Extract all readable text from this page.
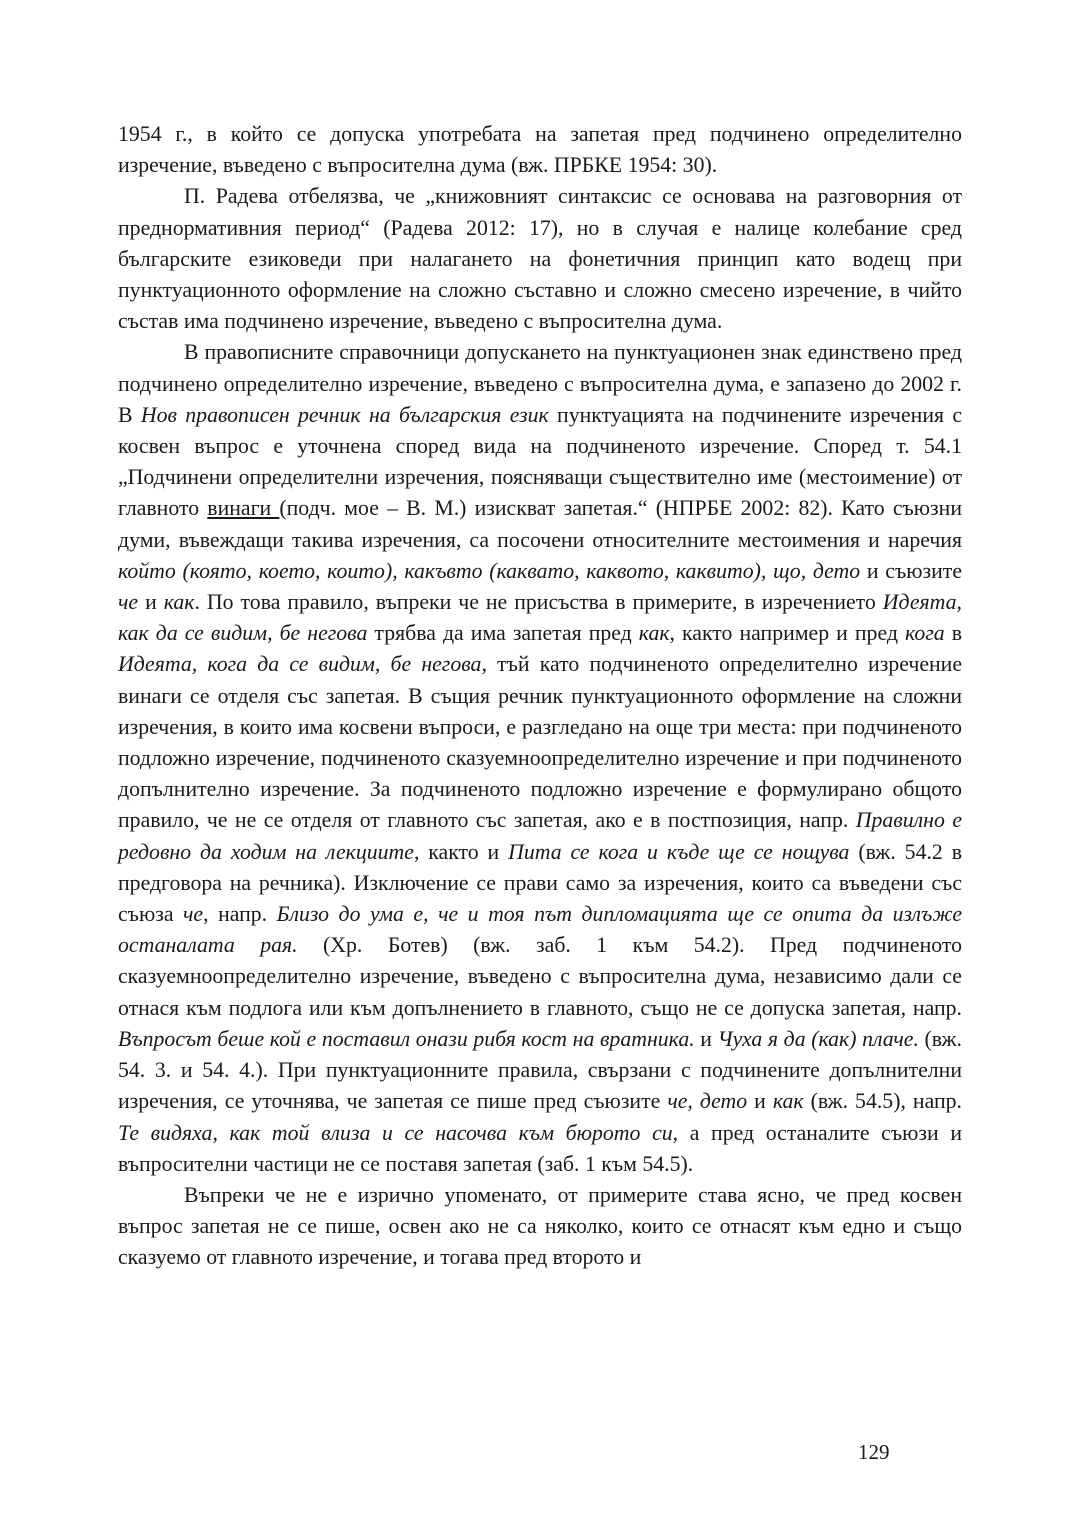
1954 г., в който се допуска употребата на запетая пред подчинено определително изречение, въведено с въпросителна дума (вж. ПРБКЕ 1954: 30).

П. Радева отбелязва, че „книжовният синтаксис се основава на разговорния от преднормативния период“ (Радева 2012: 17), но в случая е налице колебание сред българските езиковеди при налагането на фонетичния принцип като водещ при пунктуационното оформление на сложно съставно и сложно смесено изречение, в чийто състав има подчинено изречение, въведено с въпросителна дума.

В правописните справочници допускането на пунктуационен знак единствено пред подчинено определително изречение, въведено с въпросителна дума, е запазено до 2002 г. В Нов правописен речник на българския език пунктуацията на подчинените изречения с косвен въпрос е уточнена според вида на подчиненото изречение. Според т. 54.1 „Подчинени определителни изречения, поясняващи съществително име (местоимение) от главното винаги (подч. мое – В. М.) изискват запетая.“ (НПРБЕ 2002: 82). Като съюзни думи, въвеждащи такива изречения, са посочени относителните местоимения и наречия който (която, което, които), какъвто (каквато, каквото, каквито), що, дето и съюзите че и как. По това правило, въпреки че не присъства в примерите, в изречението Идеята, как да се видим, бе негова трябва да има запетая пред как, както например и пред кога в Идеята, кога да се видим, бе негова, тъй като подчиненото определително изречение винаги се отделя със запетая. В същия речник пунктуационното оформление на сложни изречения, в които има косвени въпроси, е разгледано на още три места: при подчиненото подложно изречение, подчиненото сказуемноопределително изречение и при подчиненото допълнително изречение. За подчиненото подложно изречение е формулирано общото правило, че не се отделя от главното със запетая, ако е в постпозиция, напр. Правилно е редовно да ходим на лекциите, както и Пита се кога и къде ще се нощува (вж. 54.2 в предговора на речника). Изключение се прави само за изречения, които са въведени със съюза че, напр. Близо до ума е, че и тоя път дипломацията ще се опита да излъже останалата рая. (Хр. Ботев) (вж. заб. 1 към 54.2). Пред подчиненото сказуемноопределително изречение, въведено с въпросителна дума, независимо дали се отнася към подлога или към допълнението в главното, също не се допуска запетая, напр. Въпросът беше кой е поставил онази рибя кост на вратника. и Чуха я да (как) плаче. (вж. 54. 3. и 54. 4.). При пунктуационните правила, свързани с подчинените допълнителни изречения, се уточнява, че запетая се пише пред съюзите че, дето и как (вж. 54.5), напр. Те видяха, как той влиза и се насочва към бюрото си, а пред останалите съюзи и въпросителни частици не се поставя запетая (заб. 1 към 54.5).

Въпреки че не е изрично упоменато, от примерите става ясно, че пред косвен въпрос запетая не се пише, освен ако не са няколко, които се отнасят към едно и също сказуемо от главното изречение, и тогава пред второто и

129
